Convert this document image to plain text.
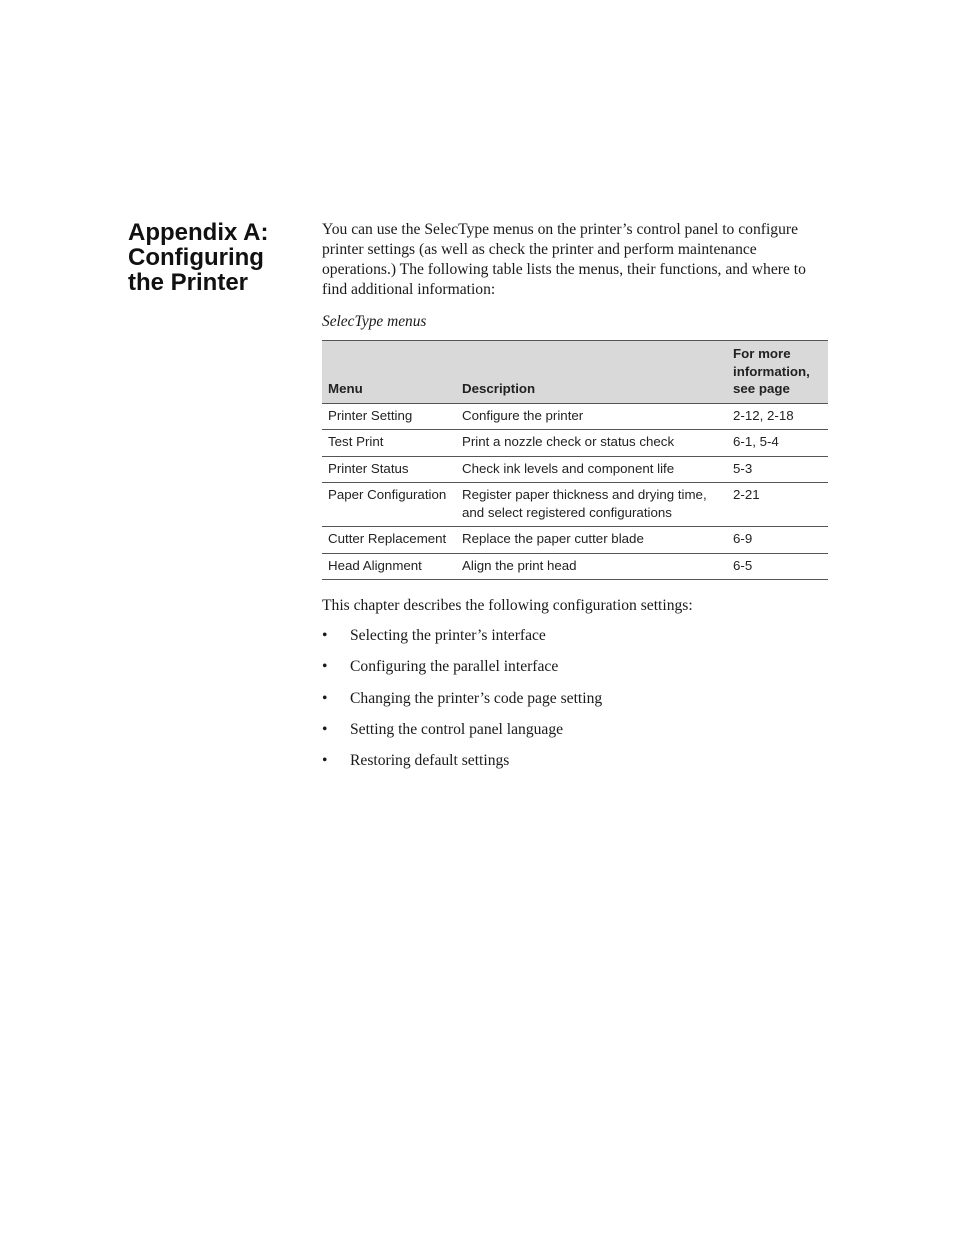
Appendix A:
Configuring
the Printer

You can use the SelecType menus on the printer’s control panel to configure printer settings (as well as check the printer and perform maintenance operations.) The following table lists the menus, their functions, and where to find additional information:

SelecType menus

Menu	Description	For more information, see page
Printer Setting	Configure the printer	2-12, 2-18
Test Print	Print a nozzle check or status check	6-1, 5-4
Printer Status	Check ink levels and component life	5-3
Paper Configuration	Register paper thickness and drying time, and select registered configurations	2-21
Cutter Replacement	Replace the paper cutter blade	6-9
Head Alignment	Align the print head	6-5

This chapter describes the following configuration settings:

• Selecting the printer’s interface
• Configuring the parallel interface
• Changing the printer’s code page setting
• Setting the control panel language
• Restoring default settings
